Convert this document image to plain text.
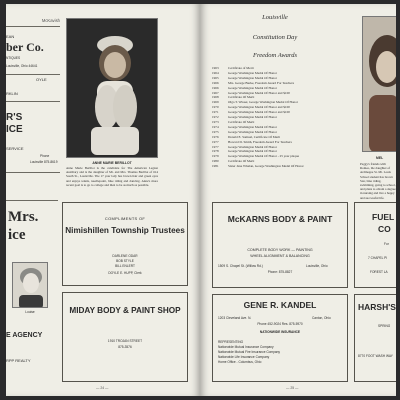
McKavish
EAN
ber Co.
NTIQUES
Louisville, Ohio 44641
OYLE
RKLIN
R'S
ICE
SERVICE
Phone
Louisville 875-8619	ANNE MARIE BERILLOT
Anne Marie Berillot is the candidate for The American Legion Auxiliary and is the daughter of Mr. and Mrs. Thomas Berillot of 614 South St., Louisville. The 17 year lady has brown hair and green eyes and enjoys tennis, needlepoint, bike riding and dancing. Anne's more recent goal is to go to college and then to be as much as possible.
Mrs.
ice
Louise
E AGENCY
RPP REALTY
COMPLIMENTS OF
Nimishillen Township Trustees
DARLENE ODAR
BOB STYLE
BILL ENLERT
DOYLE E. HUPP, Clerk
MIDAY BODY & PAINT SHOP
1910 TROJAN STREET
875-3576
— 24 —
Louisville
Constitution Day
Freedom Awards
1963	Certificate of Merit
1964	George Washington Medal Of Honor
1965	George Washington Medal Of Honor
1966	Mrs. George Burke, Freedom Award For Teachers
1966	George Washington Medal Of Honor
1967	George Washington Medal Of Honor and $100
1968	Certificate Of Merit
1969	Olga T. Wisser, George Washington Medal Of Honor
1970	George Washington Medal Of Honor and $100
1971	George Washington Medal Of Honor and $100
1972	George Washington Medal Of Honor
1973	Certificate Of Merit
1974	George Washington Medal Of Honor
1975	George Washington Medal Of Honor
1976	Donald E. Samuel, Certificate Of Merit
1977	Howard D. Smith, Freedom Award For Teachers
1977	George Washington Medal Of Honor
1978	George Washington Medal Of Honor
1979	George Washington Medal Of Honor - 25 year plaque
1980	Certificate Of Merit
1981	Sister Jane Whelan, George Washington Medal Of Honor
MEL
Peggy's friends with Romeo, the daughter of Ardmagee Sr. Mt. Louis School student has brown Star, bike riding, swimming, going to school, and plans to obtain a degree in nursing and live a happy and successful life.
McKARNS BODY & PAINT
COMPLETE BODY WORK — PAINTING
WHEEL ALIGNMENT & BALANCING
1509 S. Chapel St. (Willow Rd.)	Louisville, Ohio
Phone: 875-8827
FUEL
CO
For
7 CHAPEL PI
FOREST LA
GENE R. KANDEL
1203 Cleveland Ave. N.	Canton, Ohio
Phone 452-9024 Res. 875-5970
NATIONWIDE INSURANCE
REPRESENTING
Nationwide Mutual Insurance Company
Nationwide Mutual Fire Insurance Company
Nationwide Life Insurance Company
Home Office - Columbus, Ohio
HARSH'S
SPRING
8770 FOOT WASH WAY
— 25 —
